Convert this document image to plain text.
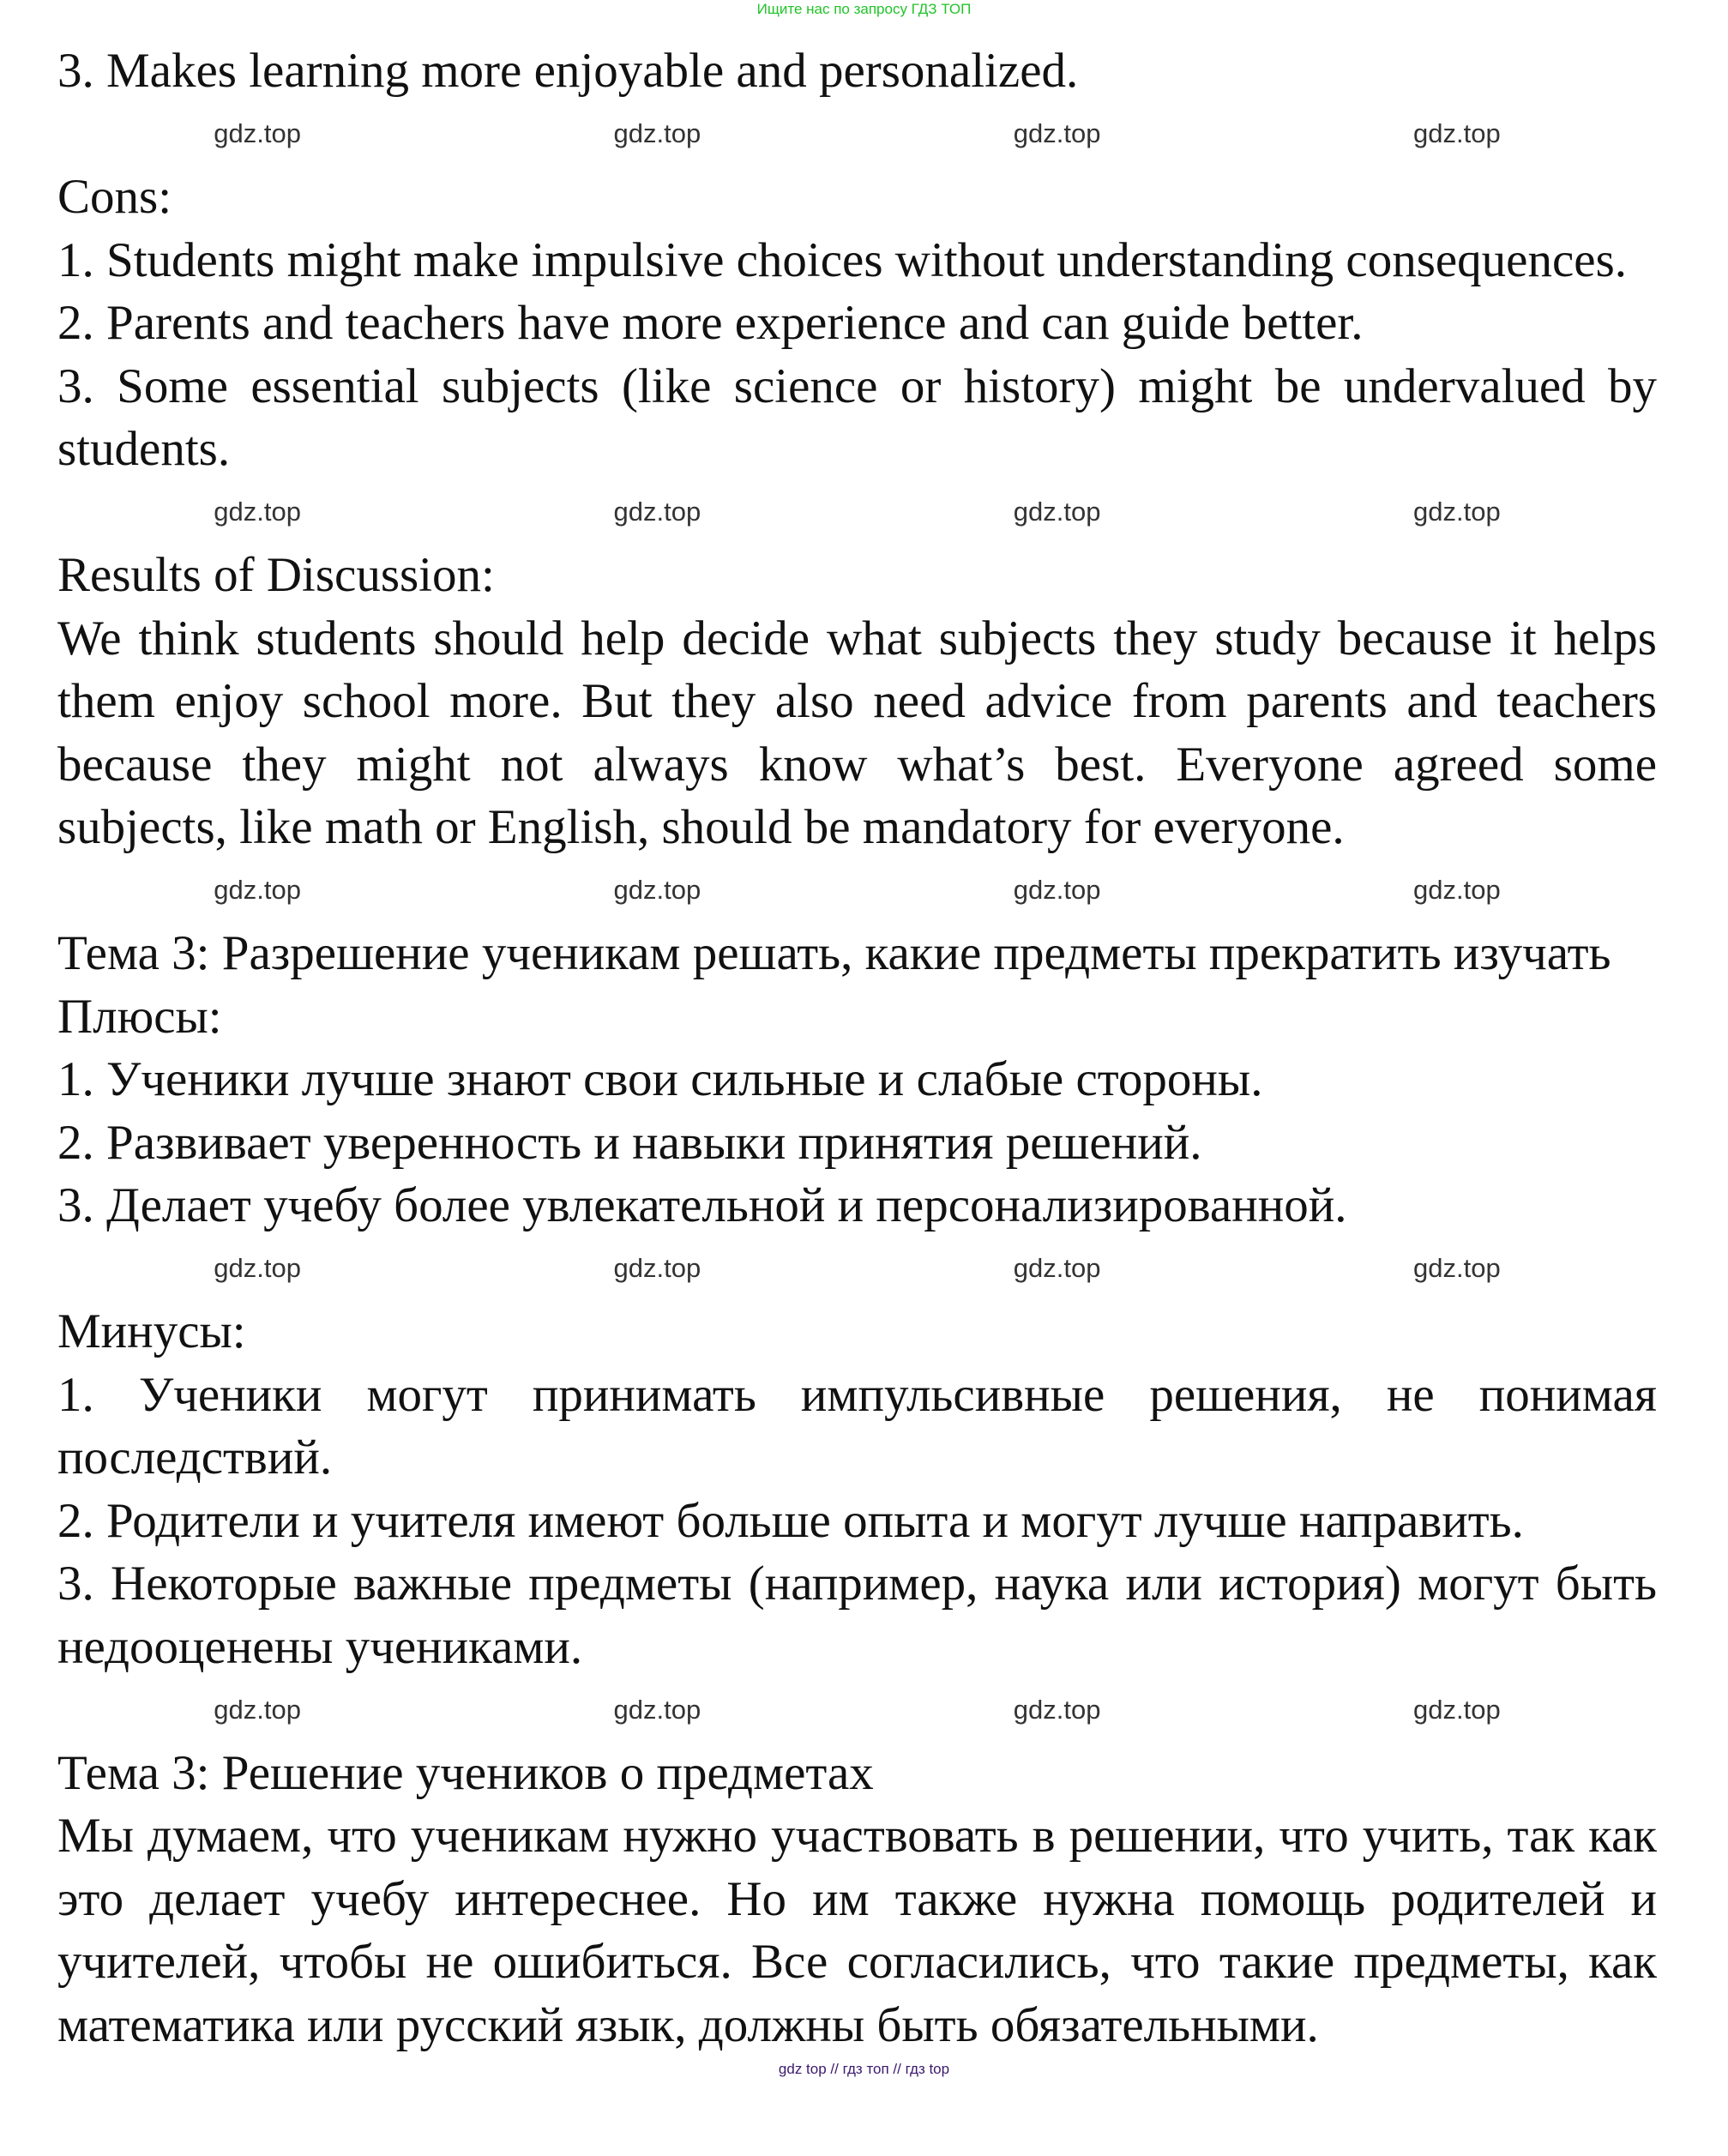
Ищите нас по запросу ГДЗ ТОП

3. Makes learning more enjoyable and personalized.

gdz.top	gdz.top	gdz.top	gdz.top

Cons:

1. Students might make impulsive choices without understanding consequences.

2. Parents and teachers have more experience and can guide better.

3. Some essential subjects (like science or history) might be undervalued by students.

gdz.top	gdz.top	gdz.top	gdz.top

Results of Discussion:

We think students should help decide what subjects they study because it helps them enjoy school more. But they also need advice from parents and teachers because they might not always know what’s best. Everyone agreed some subjects, like math or English, should be mandatory for everyone.

gdz.top	gdz.top	gdz.top	gdz.top

Тема 3: Разрешение ученикам решать, какие предметы прекратить изучать

Плюсы:

1. Ученики лучше знают свои сильные и слабые стороны.

2. Развивает уверенность и навыки принятия решений.

3. Делает учебу более увлекательной и персонализированной.

gdz.top	gdz.top	gdz.top	gdz.top

Минусы:

1. Ученики могут принимать импульсивные решения, не понимая последствий.

2. Родители и учителя имеют больше опыта и могут лучше направить.

3. Некоторые важные предметы (например, наука или история) могут быть недооценены учениками.

gdz.top	gdz.top	gdz.top	gdz.top

Тема 3: Решение учеников о предметах

Мы думаем, что ученикам нужно участвовать в решении, что учить, так как это делает учебу интереснее. Но им также нужна помощь родителей и учителей, чтобы не ошибиться. Все согласились, что такие предметы, как математика или русский язык, должны быть обязательными.

gdz top // гдз топ // гдз top
